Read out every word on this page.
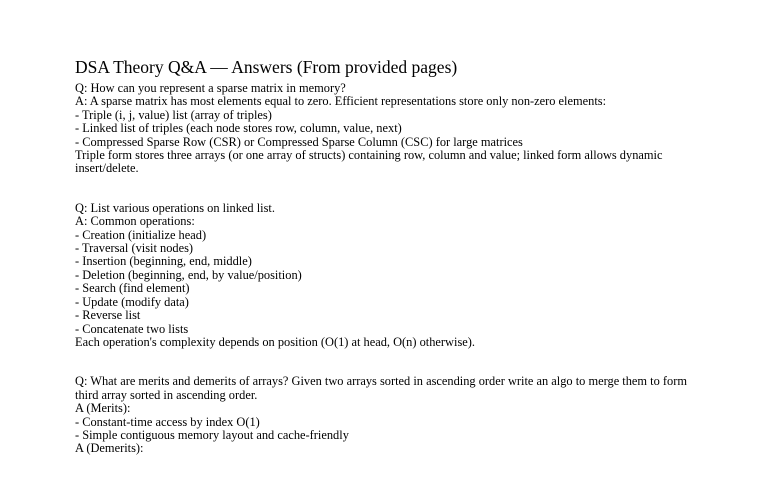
DSA Theory Q&A — Answers (From provided pages)
Q: How can you represent a sparse matrix in memory?
A: A sparse matrix has most elements equal to zero. Efficient representations store only non-zero elements:
- Triple (i, j, value) list (array of triples)
- Linked list of triples (each node stores row, column, value, next)
- Compressed Sparse Row (CSR) or Compressed Sparse Column (CSC) for large matrices
Triple form stores three arrays (or one array of structs) containing row, column and value; linked form allows dynamic
insert/delete.
Q: List various operations on linked list.
A: Common operations:
- Creation (initialize head)
- Traversal (visit nodes)
- Insertion (beginning, end, middle)
- Deletion (beginning, end, by value/position)
- Search (find element)
- Update (modify data)
- Reverse list
- Concatenate two lists
Each operation's complexity depends on position (O(1) at head, O(n) otherwise).
Q: What are merits and demerits of arrays? Given two arrays sorted in ascending order write an algo to merge them to form
third array sorted in ascending order.
A (Merits):
- Constant-time access by index O(1)
- Simple contiguous memory layout and cache-friendly
A (Demerits):
